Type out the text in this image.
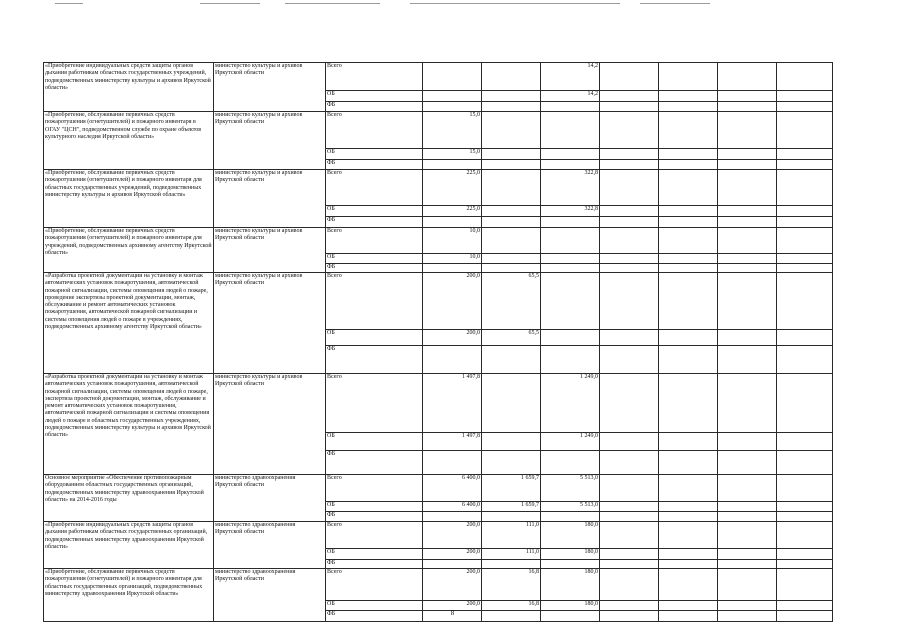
«Приобретение индивидуальных средств защиты органов дыхания работникам областных государственных учреждений, подведомственных министерству культуры и архивов Иркутской области»	министерство культуры и архивов Иркутской области	Всего			14,2				
		ОБ			14,2				
		ФБ							
«Приобретение, обслуживание первичных средств пожаротушения (огнетушителей) и пожарного инвентаря в ОГАУ "ЦСН", подведомственном службе по охране объектов культурного наследия Иркутской области»	министерство культуры и архивов Иркутской области	Всего	15,0						
		ОБ	15,0						
		ФБ							
«Приобретение, обслуживание первичных средств пожаротушения (огнетушителей) и пожарного инвентаря для областных государственных учреждений, подведомственных министерству культуры и архивов Иркутской области»	министерство культуры и архивов Иркутской области	Всего	225,0		322,8				
		ОБ	225,0		322,8				
		ФБ							
«Приобретение, обслуживание первичных средств пожаротушения (огнетушителей) и пожарного инвентаря для учреждений, подведомственных архивному агентству Иркутской области»	министерство культуры и архивов Иркутской области	Всего	10,0						
		ОБ	10,0						
		ФБ							
«Разработка проектной документации на установку и монтаж автоматических установок пожаротушения, автоматической пожарной сигнализации, системы оповещения людей о пожаре, проведение экспертизы проектной документации, монтаж, обслуживание и ремонт автоматических установок пожаротушения, автоматической пожарной сигнализации и системы оповещения людей о пожаре в учреждениях, подведомственных архивному агентству Иркутской области»	министерство культуры и архивов Иркутской области	Всего	200,0	65,5					
		ОБ	200,0	65,5					
		ФБ							
«Разработка проектной документации на установку и монтаж автоматических установок пожаротушения, автоматической пожарной сигнализации, системы оповещения людей о пожаре, экспертиза проектной документации, монтаж, обслуживание и ремонт автоматических установок пожаротушения, автоматической пожарной сигнализации и системы оповещения людей о пожаре в областных государственных учреждениях, подведомственных министерству культуры и архивов Иркутской области»	министерство культуры и архивов Иркутской области	Всего	1 497,8		1 249,0				
		ОБ	1 497,8		1 249,0				
		ФБ							
Основное мероприятие «Обеспечение противопожарным оборудованием областных государственных организаций, подведомственных министерству здравоохранения Иркутской области» на 2014-2016 годы	министерство здравоохранения Иркутской области	Всего	6 400,0	1 659,7	5 513,0				
		ОБ	6 400,0	1 659,7	5 513,0				
		ФБ							
«Приобретение индивидуальных средств защиты органов дыхания работникам областных государственных организаций, подведомственных министерству здравоохранения Иркутской области»	министерство здравоохранения Иркутской области	Всего	200,0	111,0	180,0				
		ОБ	200,0	111,0	180,0				
		ФБ							
«Приобретение, обслуживание первичных средств пожаротушения (огнетушителей) и пожарного инвентаря для областных государственных организаций, подведомственных министерству здравоохранения Иркутской области»	министерство здравоохранения Иркутской области	Всего	200,0	16,8	180,0				
		ОБ	200,0	16,8	180,0				
		ФБ								8
